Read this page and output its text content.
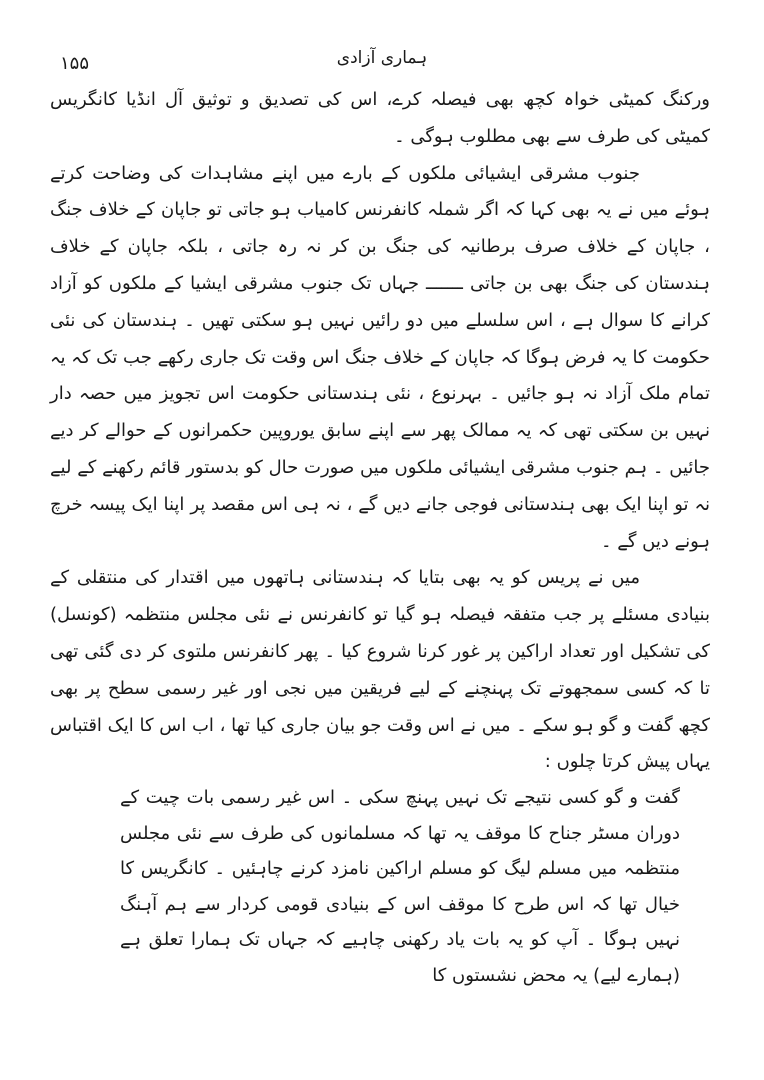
ہماری آزادی
۱۵۵

ورکنگ کمیٹی خواہ کچھ بھی فیصلہ کرے، اس کی تصدیق و توثیق آل انڈیا کانگریس کمیٹی کی طرف سے بھی مطلوب ہوگی ۔

جنوب مشرقی ایشیائی ملکوں کے بارے میں اپنے مشاہدات کی وضاحت کرتے ہوئے میں نے یہ بھی کہا کہ اگر شملہ کانفرنس کامیاب ہو جاتی تو جاپان کے خلاف جنگ ، جاپان کے خلاف صرف برطانیہ کی جنگ بن کر نہ رہ جاتی ، بلکہ جاپان کے خلاف ہندستان کی جنگ بھی بن جاتی ـــــــ جہاں تک جنوب مشرقی ایشیا کے ملکوں کو آزاد کرانے کا سوال ہے ، اس سلسلے میں دو رائیں نہیں ہو سکتی تھیں ۔ ہندستان کی نئی حکومت کا یہ فرض ہوگا کہ جاپان کے خلاف جنگ اس وقت تک جاری رکھے جب تک کہ یہ تمام ملک آزاد نہ ہو جائیں ۔ بہرنوع ، نئی ہندستانی حکومت اس تجویز میں حصہ دار نہیں بن سکتی تھی کہ یہ ممالک پھر سے اپنے سابق یوروپین حکمرانوں کے حوالے کر دیے جائیں ۔ ہم جنوب مشرقی ایشیائی ملکوں میں صورت حال کو بدستور قائم رکھنے کے لیے نہ تو اپنا ایک بھی ہندستانی فوجی جانے دیں گے ، نہ ہی اس مقصد پر اپنا ایک پیسہ خرچ ہونے دیں گے ۔

میں نے پریس کو یہ بھی بتایا کہ ہندستانی ہاتھوں میں اقتدار کی منتقلی کے بنیادی مسئلے پر جب متفقہ فیصلہ ہو گیا تو کانفرنس نے نئی مجلس منتظمہ (کونسل) کی تشکیل اور تعداد اراکین پر غور کرنا شروع کیا ۔ پھر کانفرنس ملتوی کر دی گئی تھی تا کہ کسی سمجھوتے تک پہنچنے کے لیے فریقین میں نجی اور غیر رسمی سطح پر بھی کچھ گفت و گو ہو سکے ۔ میں نے اس وقت جو بیان جاری کیا تھا ، اب اس کا ایک اقتباس یہاں پیش کرتا چلوں :

گفت و گو کسی نتیجے تک نہیں پہنچ سکی ۔ اس غیر رسمی بات چیت کے دوران مسٹر جناح کا موقف یہ تھا کہ مسلمانوں کی طرف سے نئی مجلس منتظمہ میں مسلم لیگ کو مسلم اراکین نامزد کرنے چاہئیں ۔ کانگریس کا خیال تھا کہ اس طرح کا موقف اس کے بنیادی قومی کردار سے ہم آہنگ نہیں ہوگا ۔ آپ کو یہ بات یاد رکھنی چاہیے کہ جہاں تک ہمارا تعلق ہے (ہمارے لیے) یہ محض نشستوں کا
